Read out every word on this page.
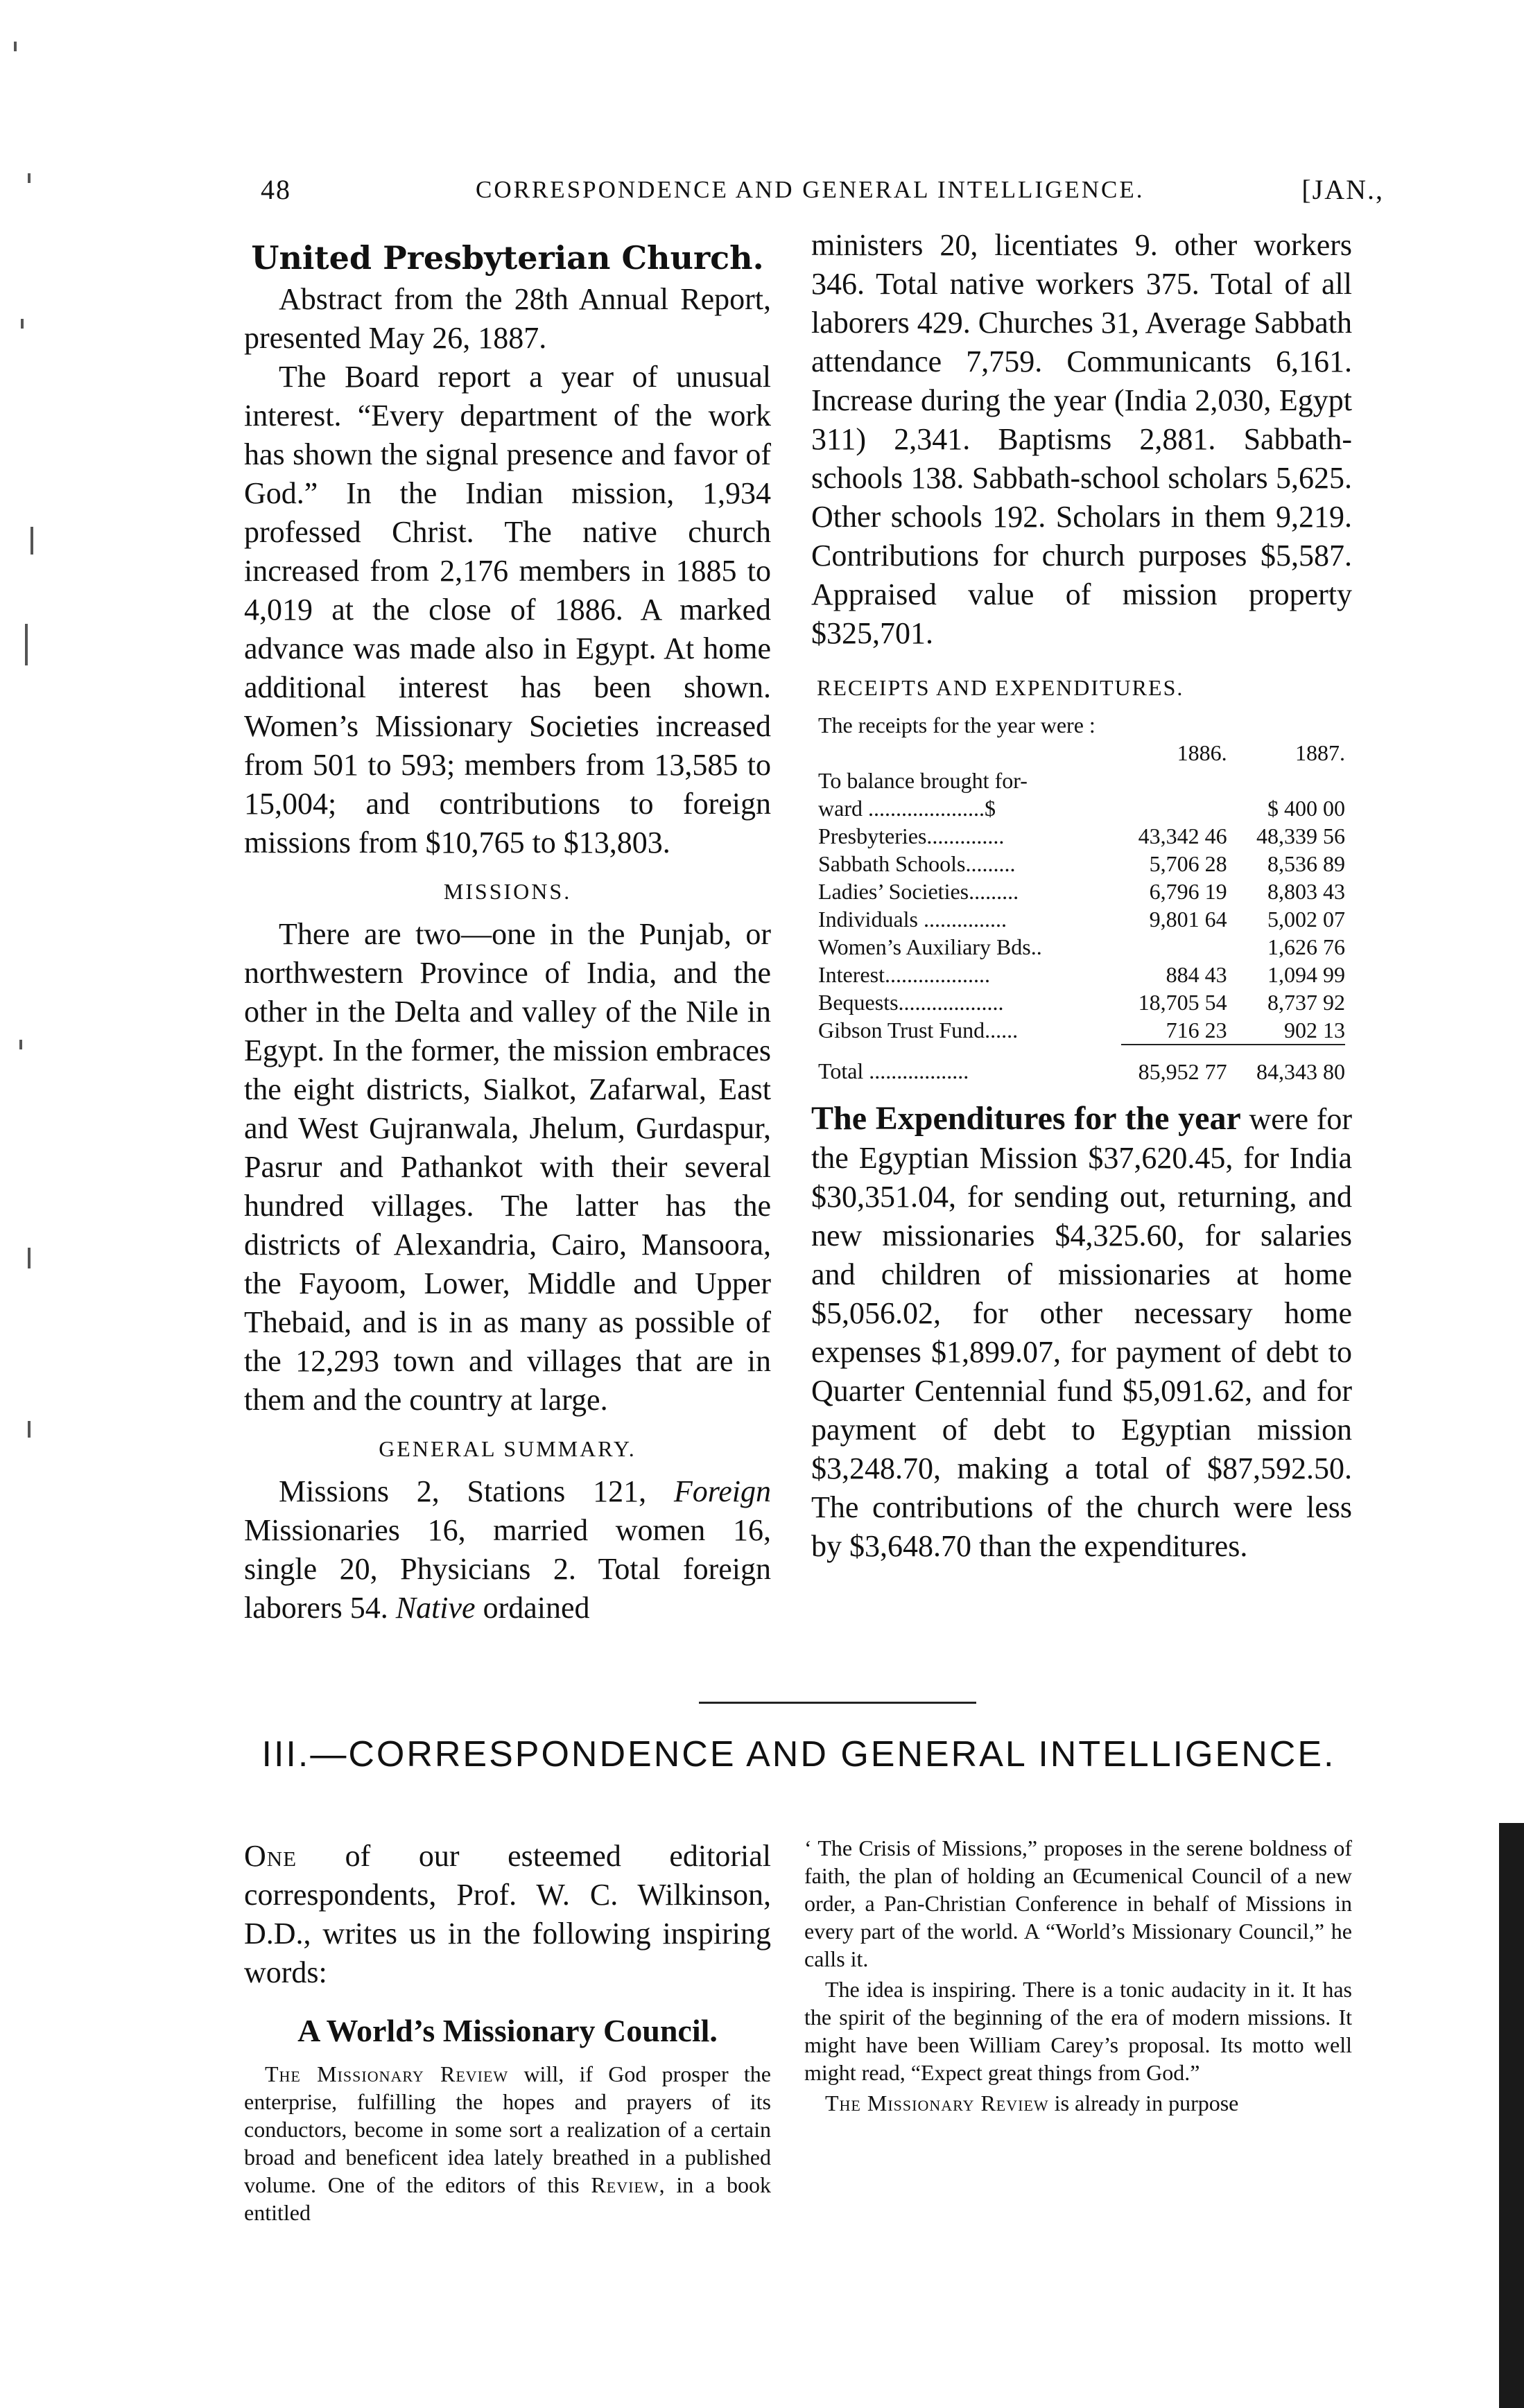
48	CORRESPONDENCE AND GENERAL INTELLIGENCE.	[JAN.,
United Presbyterian Church.

Abstract from the 28th Annual Report, presented May 26, 1887.

The Board report a year of unusual interest. “Every department of the work has shown the signal presence and favor of God.” In the Indian mission, 1,934 professed Christ. The native church increased from 2,176 members in 1885 to 4,019 at the close of 1886. A marked advance was made also in Egypt. At home additional interest has been shown. Women’s Missionary Societies increased from 501 to 593; members from 13,585 to 15,004; and contributions to foreign missions from $10,765 to $13,803.

MISSIONS.

There are two—one in the Punjab, or northwestern Province of India, and the other in the Delta and valley of the Nile in Egypt. In the former, the mission embraces the eight districts, Sialkot, Zafarwal, East and West Gujranwala, Jhelum, Gurdaspur, Pasrur and Pathankot with their several hundred villages. The latter has the districts of Alexandria, Cairo, Mansoora, the Fayoom, Lower, Middle and Upper Thebaid, and is in as many as possible of the 12,293 town and villages that are in them and the country at large.

GENERAL SUMMARY.

Missions 2, Stations 121, Foreign Missionaries 16, married women 16, single 20, Physicians 2. Total foreign laborers 54. Native ordained

ministers 20, licentiates 9. other workers 346. Total native workers 375. Total of all laborers 429. Churches 31, Average Sabbath attendance 7,759. Communicants 6,161. Increase during the year (India 2,030, Egypt 311) 2,341. Baptisms 2,881. Sabbath-schools 138. Sabbath-school scholars 5,625. Other schools 192. Scholars in them 9,219. Contributions for church purposes $5,587. Appraised value of mission property $325,701.

RECEIPTS AND EXPENDITURES.
The receipts for the year were :
	1886.	1887.
To balance brought for-		
ward .....................$		$ 400 00
Presbyteries..............	43,342 46	48,339 56
Sabbath Schools.........	5,706 28	8,536 89
Ladies’ Societies.........	6,796 19	8,803 43
Individuals ...............	9,801 64	5,002 07
Women’s Auxiliary Bds..		1,626 76
Interest...................	884 43	1,094 99
Bequests...................	18,705 54	8,737 92
Gibson Trust Fund......	716 23	902 13
Total ..................	85,952 77	84,343 80

The Expenditures for the year were for the Egyptian Mission $37,620.45, for India $30,351.04, for sending out, returning, and new missionaries $4,325.60, for salaries and children of missionaries at home $5,056.02, for other necessary home expenses $1,899.07, for payment of debt to Quarter Centennial fund $5,091.62, and for payment of debt to Egyptian mission $3,248.70, making a total of $87,592.50. The contributions of the church were less by $3,648.70 than the expenditures.

III.—CORRESPONDENCE AND GENERAL INTELLIGENCE.

One of our esteemed editorial correspondents, Prof. W. C. Wilkinson, D.D., writes us in the following inspiring words:

A World’s Missionary Council.

The Missionary Review will, if God prosper the enterprise, fulfilling the hopes and prayers of its conductors, become in some sort a realization of a certain broad and beneficent idea lately breathed in a published volume. One of the editors of this Review, in a book entitled

‘ The Crisis of Missions,” proposes in the serene boldness of faith, the plan of holding an Œcumenical Council of a new order, a Pan-Christian Conference in behalf of Missions in every part of the world. A “World’s Missionary Council,” he calls it.

The idea is inspiring. There is a tonic audacity in it. It has the spirit of the beginning of the era of modern missions. It might have been William Carey’s proposal. Its motto well might read, “Expect great things from God.”

The Missionary Review is already in purpose
